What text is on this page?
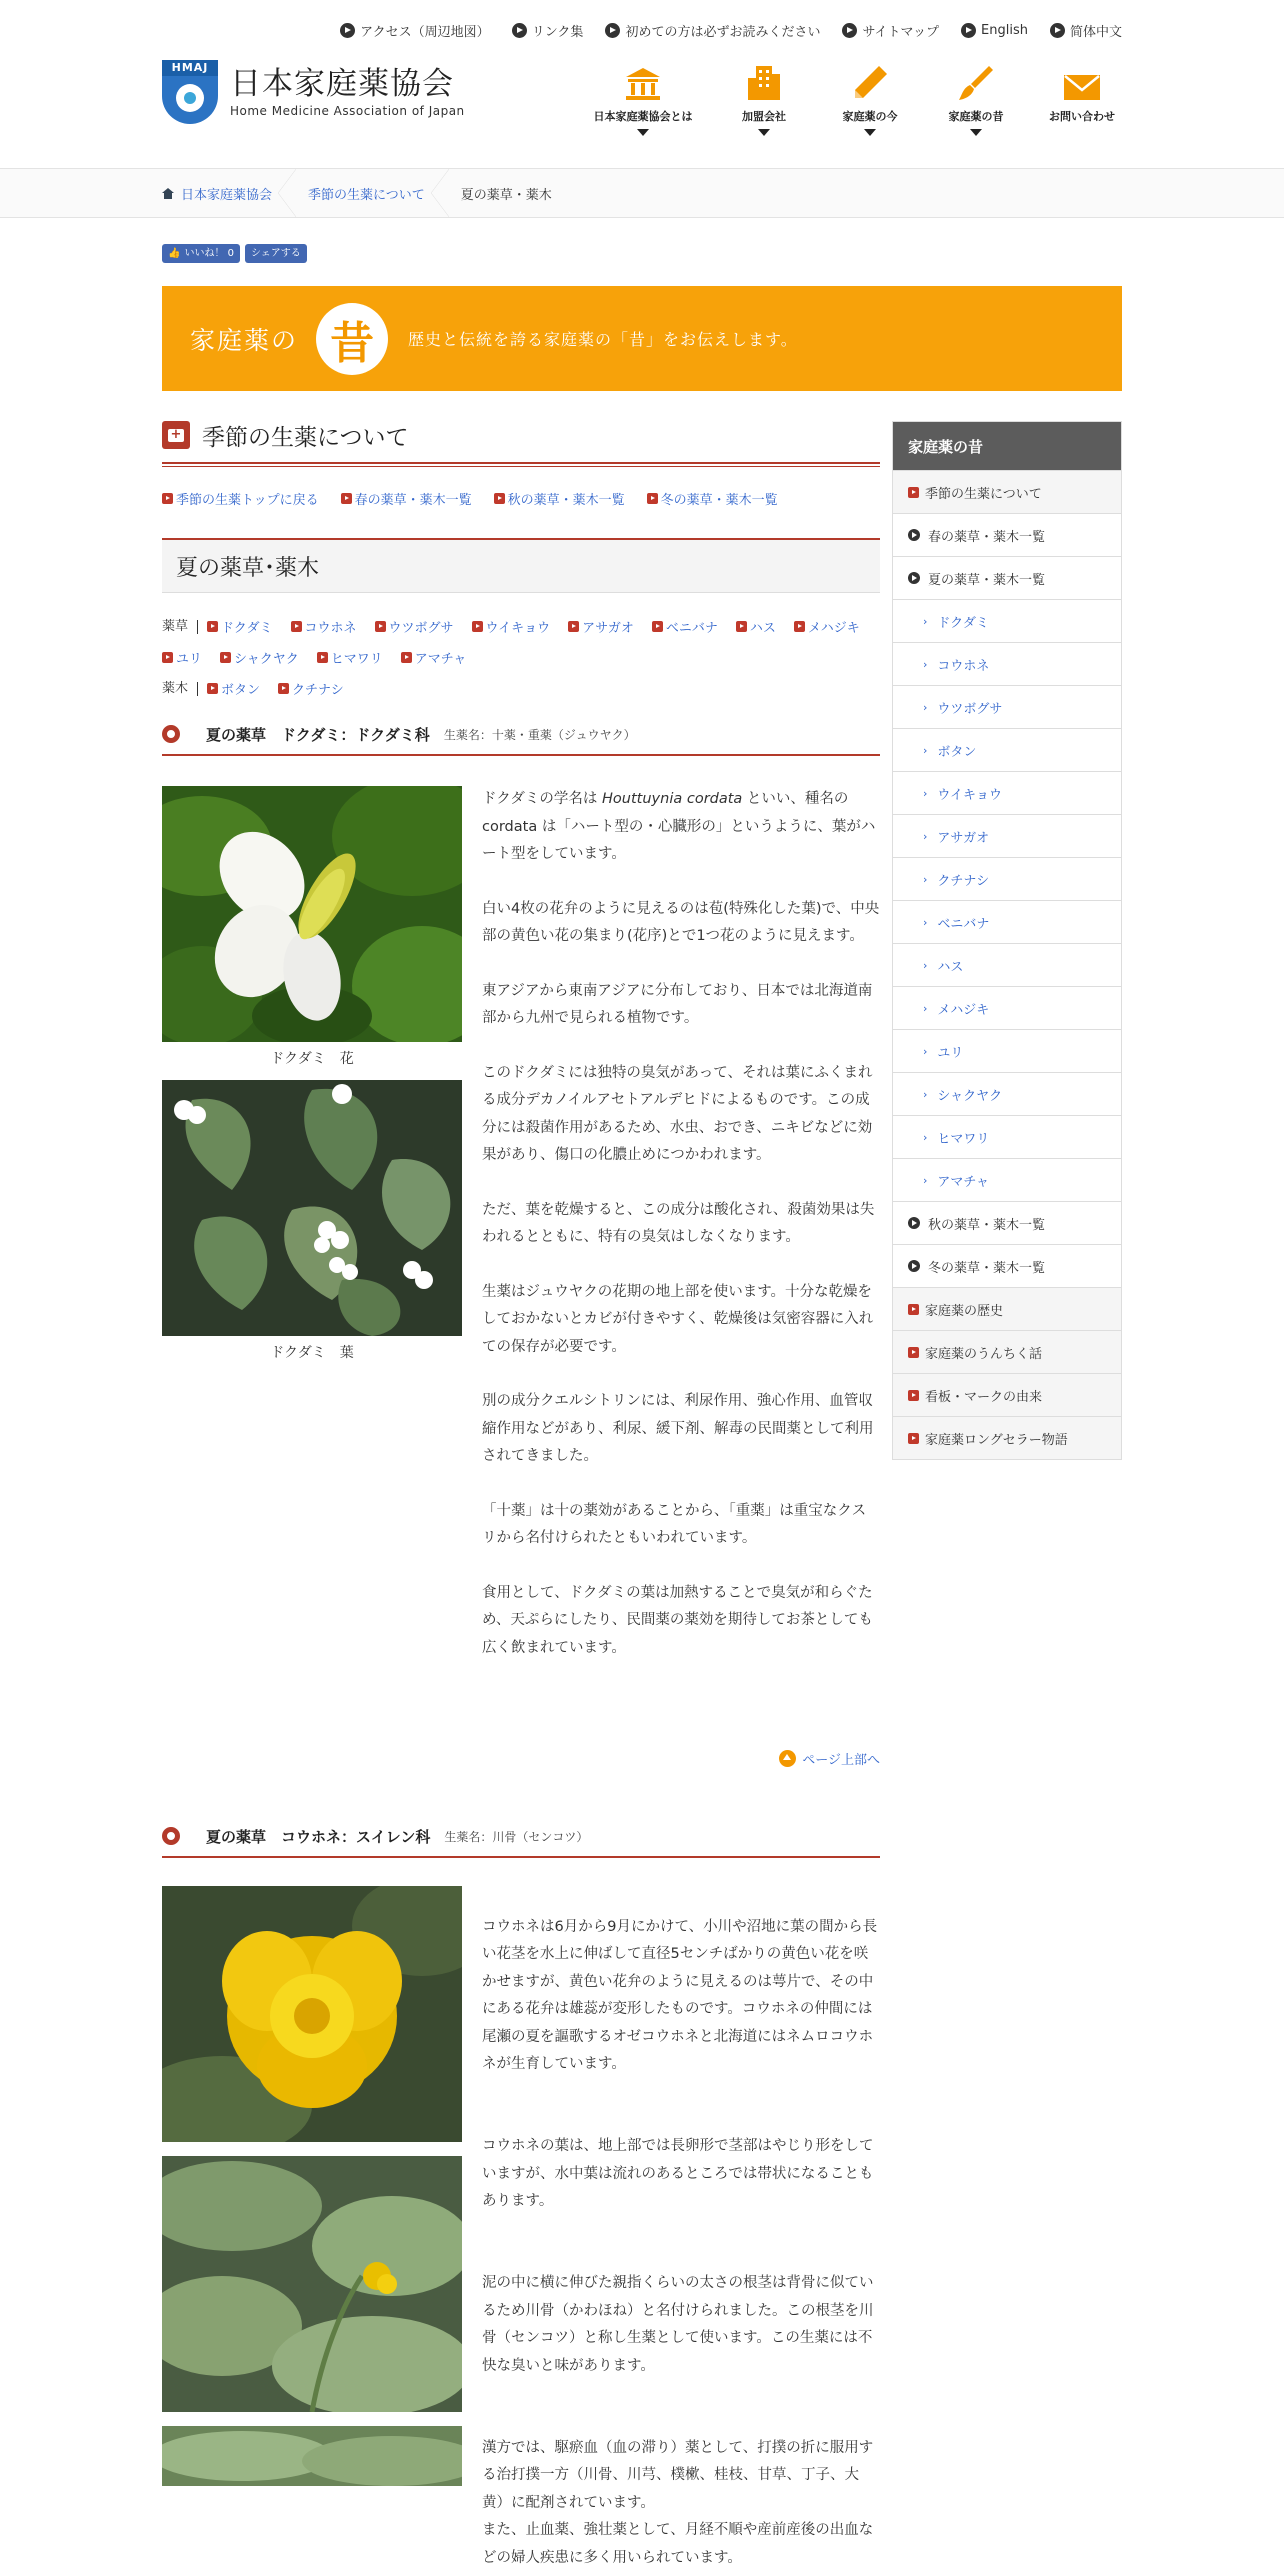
アクセス（周辺地図）	リンク集	初めての方は必ずお読みください	サイトマップ	English	简体中文
HMAJ 日本家庭薬協会
Home Medicine Association of Japan	日本家庭薬協会とは	加盟会社	家庭薬の今	家庭薬の昔	お問い合わせ
日本家庭薬協会	季節の生薬について	夏の薬草・薬木
👍 いいね！ 0	シェアする
家庭薬の 昔	歴史と伝統を誇る家庭薬の「昔」をお伝えします。
+
季節の生薬について
季節の生薬トップに戻る	春の薬草・薬木一覧	秋の薬草・薬木一覧	冬の薬草・薬木一覧
夏の薬草･薬木
薬草	ドクダミ コウホネ ウツボグサ ウイキョウ アサガオ ベニバナ ハス メハジキ
ユリ シャクヤク ヒマワリ アマチャ
薬木	ボタン クチナシ
夏の薬草　ドクダミ：ドクダミ科 生薬名：十薬・重薬（ジュウヤク）
ドクダミ　花
ドクダミ　葉

ドクダミの学名は Houttuynia cordata といい、種名の cordata は「ハート型の・心臓形の」というように、葉がハート型をしています。

白い4枚の花弁のように見えるのは苞(特殊化した葉)で、中央部の黄色い花の集まり(花序)とで1つ花のように見えます。

東アジアから東南アジアに分布しており、日本では北海道南部から九州で見られる植物です。

このドクダミには独特の臭気があって、それは葉にふくまれる成分デカノイルアセトアルデヒドによるものです。この成分には殺菌作用があるため、水虫、おでき、ニキビなどに効果があり、傷口の化膿止めにつかわれます。

ただ、葉を乾燥すると、この成分は酸化され、殺菌効果は失われるとともに、特有の臭気はしなくなります。

生薬はジュウヤクの花期の地上部を使います。十分な乾燥をしておかないとカビが付きやすく、乾燥後は気密容器に入れての保存が必要です。

別の成分クエルシトリンには、利尿作用、強心作用、血管収縮作用などがあり、利尿、緩下剤、解毒の民間薬として利用されてきました。

「十薬」は十の薬効があることから、「重薬」は重宝なクスリから名付けられたともいわれています。

食用として、ドクダミの葉は加熱することで臭気が和らぐため、天ぷらにしたり、民間薬の薬効を期待してお茶としても広く飲まれています。

ページ上部へ
夏の薬草　コウホネ：スイレン科 生薬名：川骨（センコツ）

コウホネは6月から9月にかけて、小川や沼地に葉の間から長い花茎を水上に伸ばして直径5センチばかりの黄色い花を咲かせますが、黄色い花弁のように見えるのは萼片で、その中にある花弁は雄蕊が変形したものです。コウホネの仲間には尾瀬の夏を謳歌するオゼコウホネと北海道にはネムロコウホネが生育しています。

コウホネの葉は、地上部では長卵形で茎部はやじり形をしていますが、水中葉は流れのあるところでは帯状になることもあります。

泥の中に横に伸びた親指くらいの太さの根茎は背骨に似ているため川骨（かわほね）と名付けられました。この根茎を川骨（センコツ）と称し生薬として使います。この生薬には不快な臭いと味があります。

漢方では、駆瘀血（血の滞り）薬として、打撲の折に服用する治打撲一方（川骨、川芎、樸樕、桂枝、甘草、丁子、大黄）に配剤されています。
また、止血薬、強壮薬として、月経不順や産前産後の出血などの婦人疾患に多く用いられています。

家庭薬の昔
季節の生薬について
春の薬草・薬木一覧
夏の薬草・薬木一覧
› ドクダミ
› コウホネ
› ウツボグサ
› ボタン
› ウイキョウ
› アサガオ
› クチナシ
› ベニバナ
› ハス
› メハジキ
› ユリ
› シャクヤク
› ヒマワリ
› アマチャ
秋の薬草・薬木一覧
冬の薬草・薬木一覧
家庭薬の歴史
家庭薬のうんちく話
看板・マークの由来
家庭薬ロングセラー物語
